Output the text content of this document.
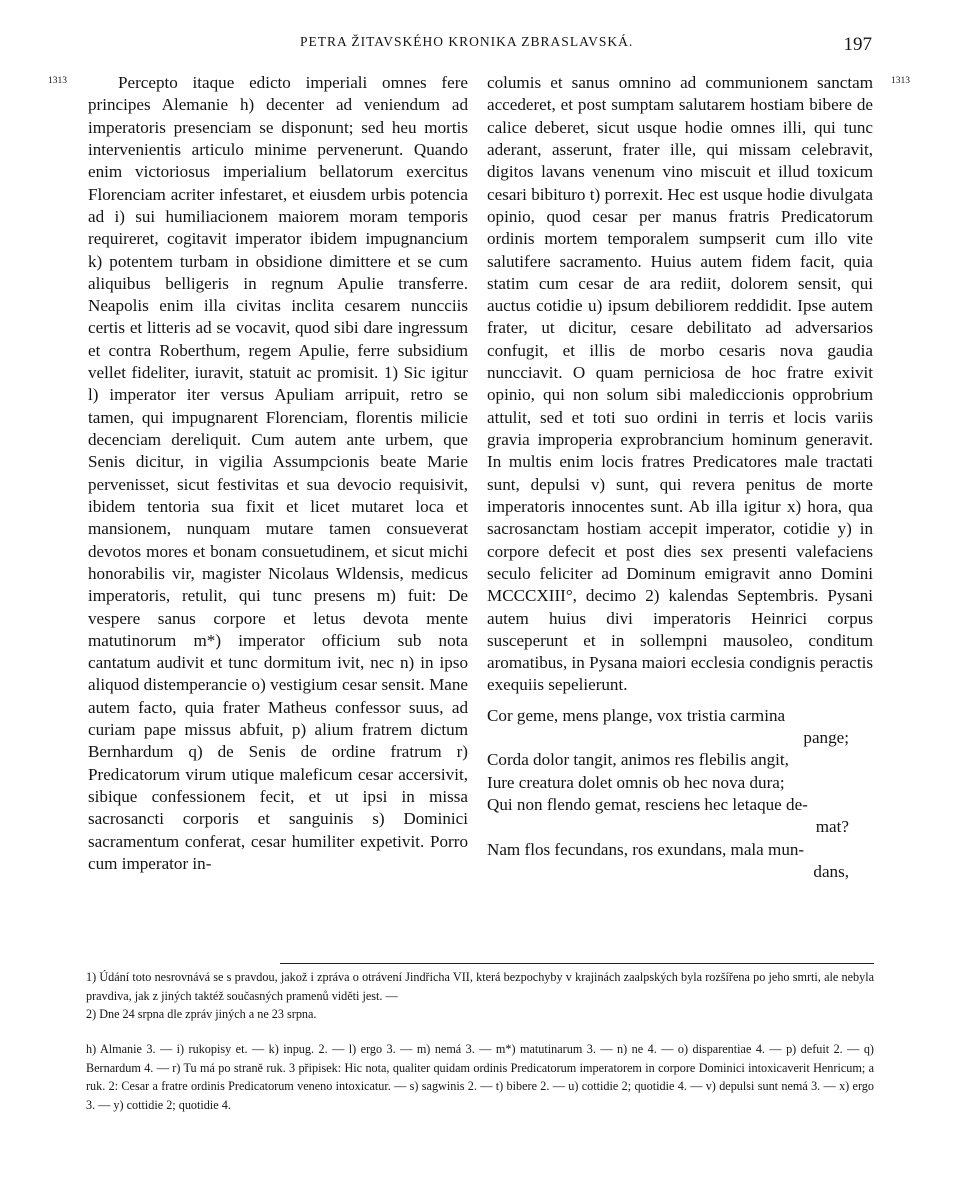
PETRA ŽITAVSKÉHO KRONIKA ZBRASLAVSKÁ.	197
1313	1313

Percepto itaque edicto imperiali omnes fere principes Alemanie h) decenter ad veniendum ad imperatoris presenciam se disponunt; sed heu mortis intervenientis articulo minime pervenerunt. Quando enim victoriosus imperialium bellatorum exercitus Florenciam acriter infestaret, et eiusdem urbis potencia ad i) sui humiliacionem maiorem moram temporis requireret, cogitavit imperator ibidem impugnancium k) potentem turbam in obsidione dimittere et se cum aliquibus belligeris in regnum Apulie transferre. Neapolis enim illa civitas inclita cesarem nuncciis certis et litteris ad se vocavit, quod sibi dare ingressum et contra Roberthum, regem Apulie, ferre subsidium vellet fideliter, iuravit, statuit ac promisit. 1) Sic igitur l) imperator iter versus Apuliam arripuit, retro se tamen, qui impugnarent Florenciam, florentis milicie decenciam dereliquit. Cum autem ante urbem, que Senis dicitur, in vigilia Assumpcionis beate Marie pervenisset, sicut festivitas et sua devocio requisivit, ibidem tentoria sua fixit et licet mutaret loca et mansionem, nunquam mutare tamen consueverat devotos mores et bonam consuetudinem, et sicut michi honorabilis vir, magister Nicolaus Wldensis, medicus imperatoris, retulit, qui tunc presens m) fuit: De vespere sanus corpore et letus devota mente matutinorum m*) imperator officium sub nota cantatum audivit et tunc dormitum ivit, nec n) in ipso aliquod distemperancie o) vestigium cesar sensit. Mane autem facto, quia frater Matheus confessor suus, ad curiam pape missus abfuit, p) alium fratrem dictum Bernhardum q) de Senis de ordine fratrum r) Predicatorum virum utique maleficum cesar accersivit, sibique confessionem fecit, et ut ipsi in missa sacrosancti corporis et sanguinis s) Dominici sacramentum conferat, cesar humiliter expetivit. Porro cum imperator in-

columis et sanus omnino ad communionem sanctam accederet, et post sumptam salutarem hostiam bibere de calice deberet, sicut usque hodie omnes illi, qui tunc aderant, asserunt, frater ille, qui missam celebravit, digitos lavans venenum vino miscuit et illud toxicum cesari bibituro t) porrexit. Hec est usque hodie divulgata opinio, quod cesar per manus fratris Predicatorum ordinis mortem temporalem sumpserit cum illo vite salutifere sacramento. Huius autem fidem facit, quia statim cum cesar de ara rediit, dolorem sensit, qui auctus cotidie u) ipsum debiliorem reddidit. Ipse autem frater, ut dicitur, cesare debilitato ad adversarios confugit, et illis de morbo cesaris nova gaudia nuncciavit. O quam perniciosa de hoc fratre exivit opinio, qui non solum sibi malediccionis opprobrium attulit, sed et toti suo ordini in terris et locis variis gravia improperia exprobrancium hominum generavit. In multis enim locis fratres Predicatores male tractati sunt, depulsi v) sunt, qui revera penitus de morte imperatoris innocentes sunt. Ab illa igitur x) hora, qua sacrosanctam hostiam accepit imperator, cotidie y) in corpore defecit et post dies sex presenti valefaciens seculo feliciter ad Dominum emigravit anno Domini MCCCXIII°, decimo 2) kalendas Septembris. Pysani autem huius divi imperatoris Heinrici corpus susceperunt et in sollempni mausoleo, conditum aromatibus, in Pysana maiori ecclesia condignis peractis exequiis sepelierunt.

Cor geme, mens plange, vox tristia carmina
pange;
Corda dolor tangit, animos res flebilis angit,
Iure creatura dolet omnis ob hec nova dura;
Qui non flendo gemat, resciens hec letaque de-
mat?
Nam flos fecundans, ros exundans, mala mun-
dans,

1) Údání toto nesrovnává se s pravdou, jakož i zpráva o otrávení Jindřicha VII, která bezpochyby v krajinách zaalpských byla rozšířena po jeho smrti, ale nebyla pravdiva, jak z jiných taktéž současných pramenů viděti jest. —

2) Dne 24 srpna dle zpráv jiných a ne 23 srpna.

h) Almanie 3. — i) rukopisy et. — k) inpug. 2. — l) ergo 3. — m) nemá 3. — m*) matutinarum 3. — n) ne 4. — o) disparentiae 4. — p) defuit 2. — q) Bernardum 4. — r) Tu má po straně ruk. 3 připisek: Hic nota, qualiter quidam ordinis Predicatorum imperatorem in corpore Dominici intoxicaverit Henricum; a ruk. 2: Cesar a fratre ordinis Predicatorum veneno intoxicatur. — s) sagwinis 2. — t) bibere 2. — u) cottidie 2; quotidie 4. — v) depulsi sunt nemá 3. — x) ergo 3. — y) cottidie 2; quotidie 4.
